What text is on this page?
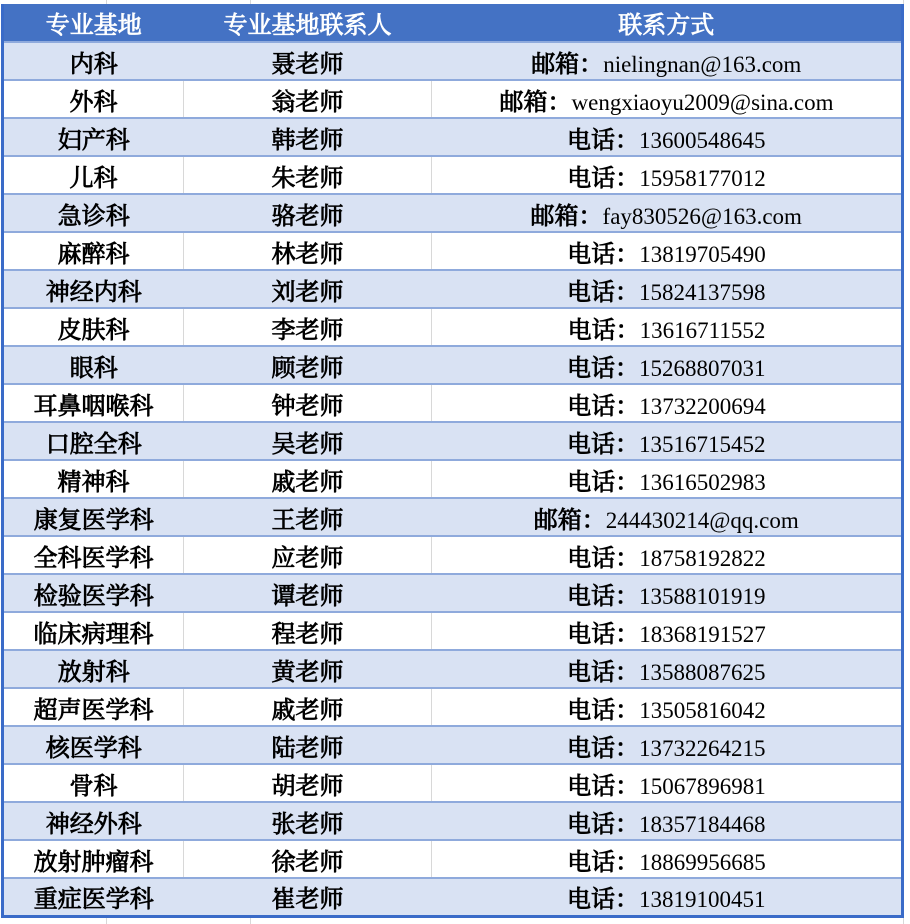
专业基地	专业基地联系人	联系方式
内科	聂老师	邮箱：nielingnan@163.com
外科	翁老师	邮箱：wengxiaoyu2009@sina.com
妇产科	韩老师	电话：13600548645
儿科	朱老师	电话：15958177012
急诊科	骆老师	邮箱：fay830526@163.com
麻醉科	林老师	电话：13819705490
神经内科	刘老师	电话：15824137598
皮肤科	李老师	电话：13616711552
眼科	顾老师	电话：15268807031
耳鼻咽喉科	钟老师	电话：13732200694
口腔全科	吴老师	电话：13516715452
精神科	戚老师	电话：13616502983
康复医学科	王老师	邮箱：244430214@qq.com
全科医学科	应老师	电话：18758192822
检验医学科	谭老师	电话：13588101919
临床病理科	程老师	电话：18368191527
放射科	黄老师	电话：13588087625
超声医学科	戚老师	电话：13505816042
核医学科	陆老师	电话：13732264215
骨科	胡老师	电话：15067896981
神经外科	张老师	电话：18357184468
放射肿瘤科	徐老师	电话：18869956685
重症医学科	崔老师	电话：13819100451
